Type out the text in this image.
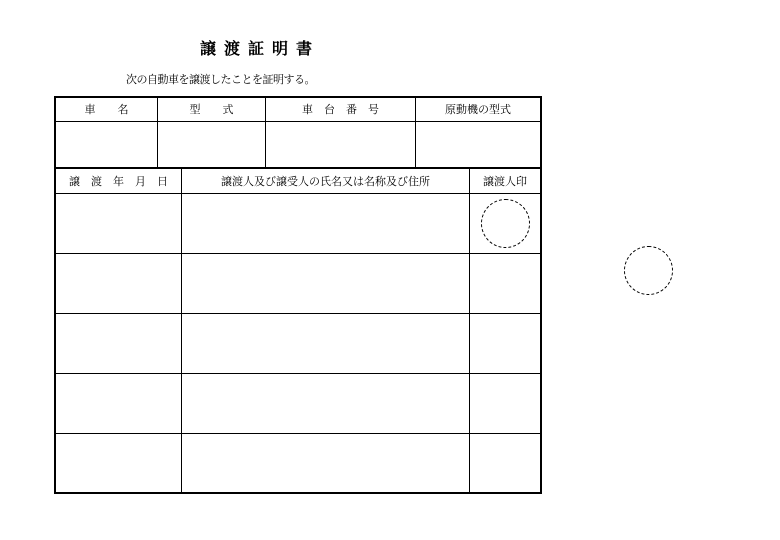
譲渡証明書
次の自動車を譲渡したことを証明する。
車　　名	型　　式	車　台　番　号	原動機の型式
譲　渡　年　月　日	譲渡人及び譲受人の氏名又は名称及び住所	譲渡人印
